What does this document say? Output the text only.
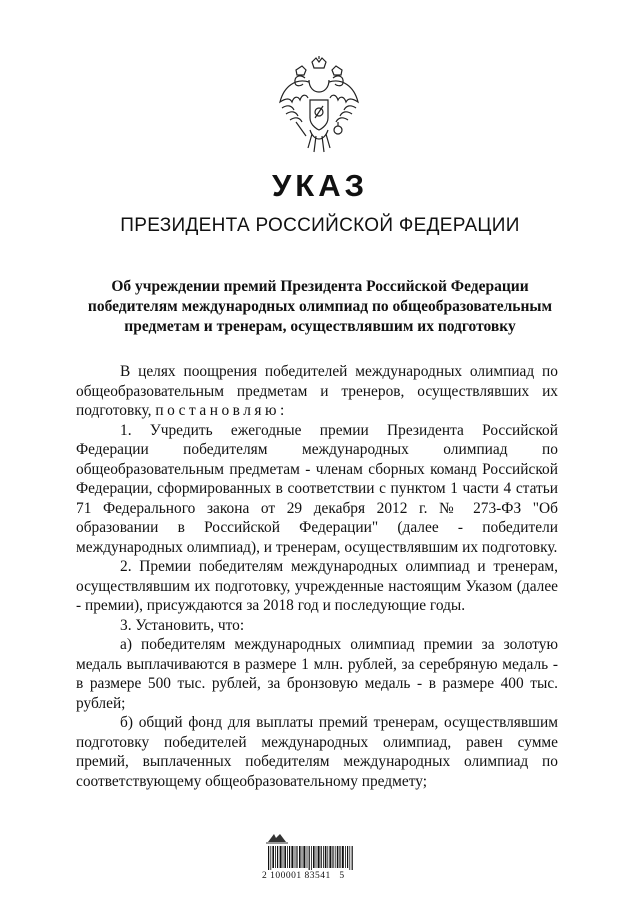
УКАЗ
ПРЕЗИДЕНТА РОССИЙСКОЙ ФЕДЕРАЦИИ
Об учреждении премий Президента Российской Федерации
победителям международных олимпиад по общеобразовательным
предметам и тренерам, осуществлявшим их подготовку

В целях поощрения победителей международных олимпиад по общеобразовательным предметам и тренеров, осуществлявших их подготовку, постановляю:

1. Учредить ежегодные премии Президента Российской Федерации победителям международных олимпиад по общеобразовательным предметам - членам сборных команд Российской Федерации, сформированных в соответствии с пунктом 1 части 4 статьи 71 Федерального закона от 29 декабря 2012 г. № 273-ФЗ "Об образовании в Российской Федерации" (далее - победители международных олимпиад), и тренерам, осуществлявшим их подготовку.

2. Премии победителям международных олимпиад и тренерам, осуществлявшим их подготовку, учрежденные настоящим Указом (далее - премии), присуждаются за 2018 год и последующие годы.

3. Установить, что:

а) победителям международных олимпиад премии за золотую медаль выплачиваются в размере 1 млн. рублей, за серебряную медаль - в размере 500 тыс. рублей, за бронзовую медаль - в размере 400 тыс. рублей;

б) общий фонд для выплаты премий тренерам, осуществлявшим подготовку победителей международных олимпиад, равен сумме премий, выплаченных победителям международных олимпиад по соответствующему общеобразовательному предмету;

2 100001 83541   5
